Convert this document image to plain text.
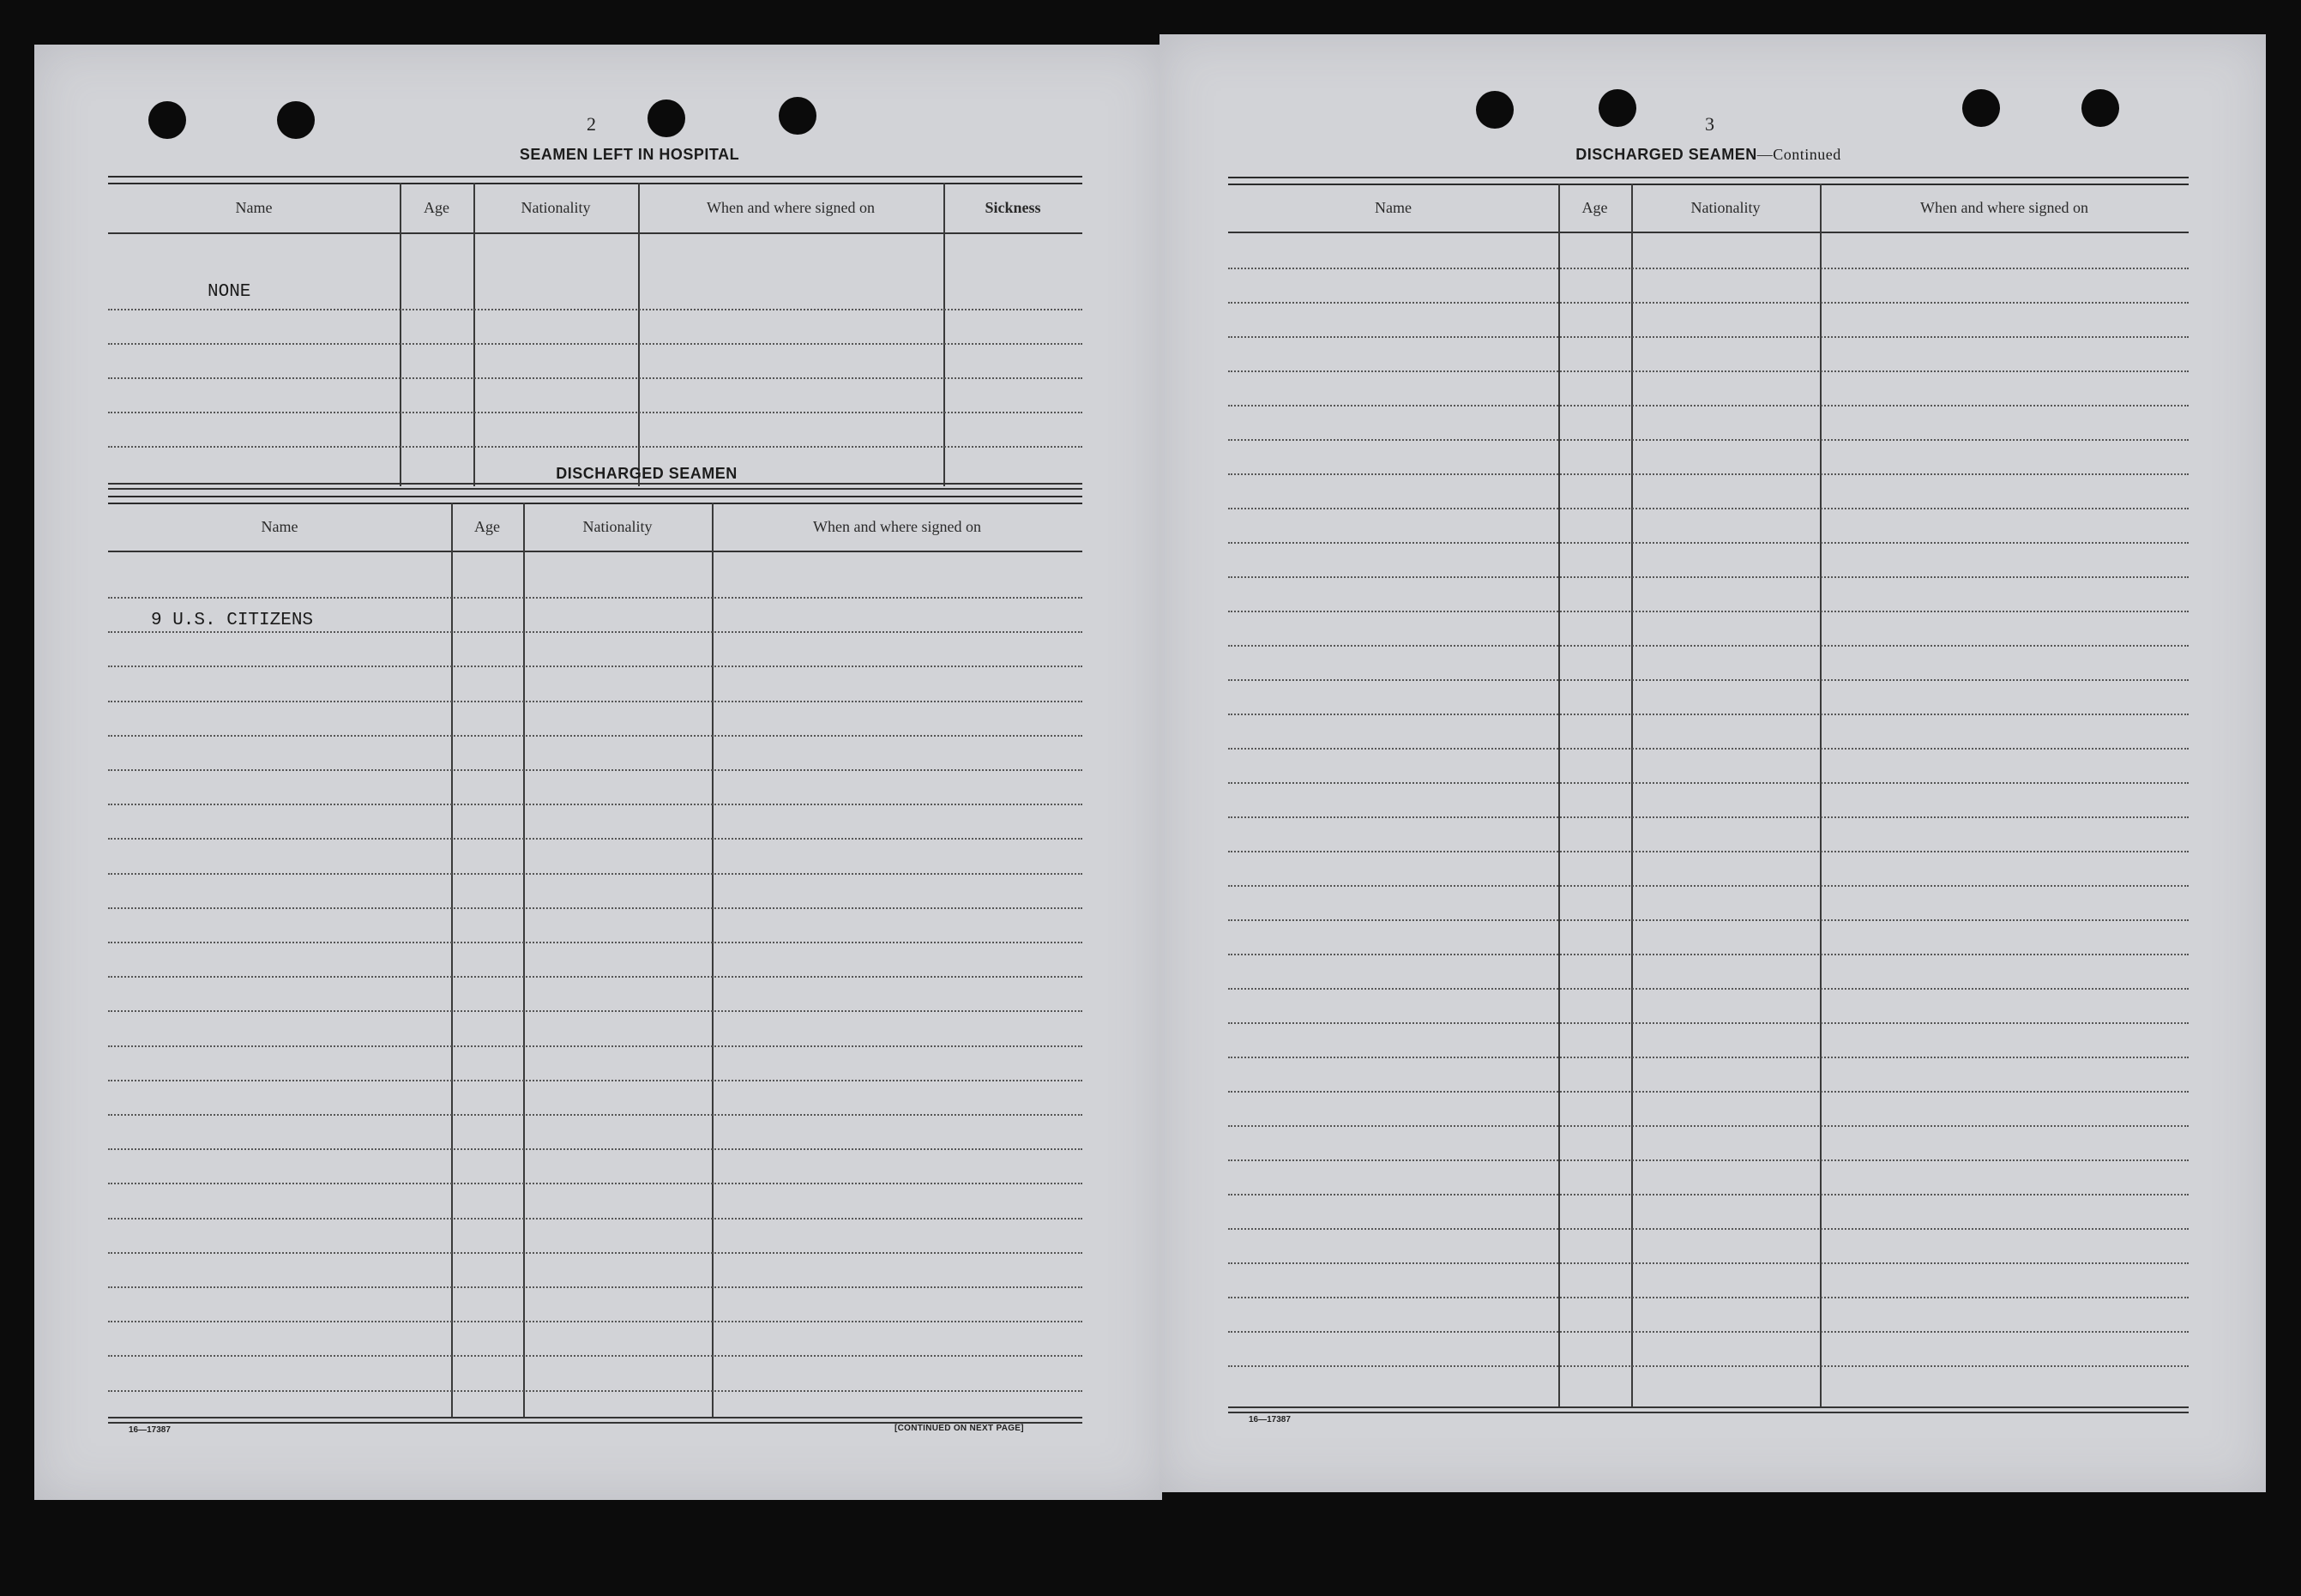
2
SEAMEN LEFT IN HOSPITAL
Name	Age	Nationality	When and where signed on	Sickness
NONE
DISCHARGED SEAMEN
Name	Age	Nationality	When and where signed on
9 U.S. CITIZENS
16—17387	[CONTINUED ON NEXT PAGE]
3
DISCHARGED SEAMEN—Continued
Name	Age	Nationality	When and where signed on
16—17387
